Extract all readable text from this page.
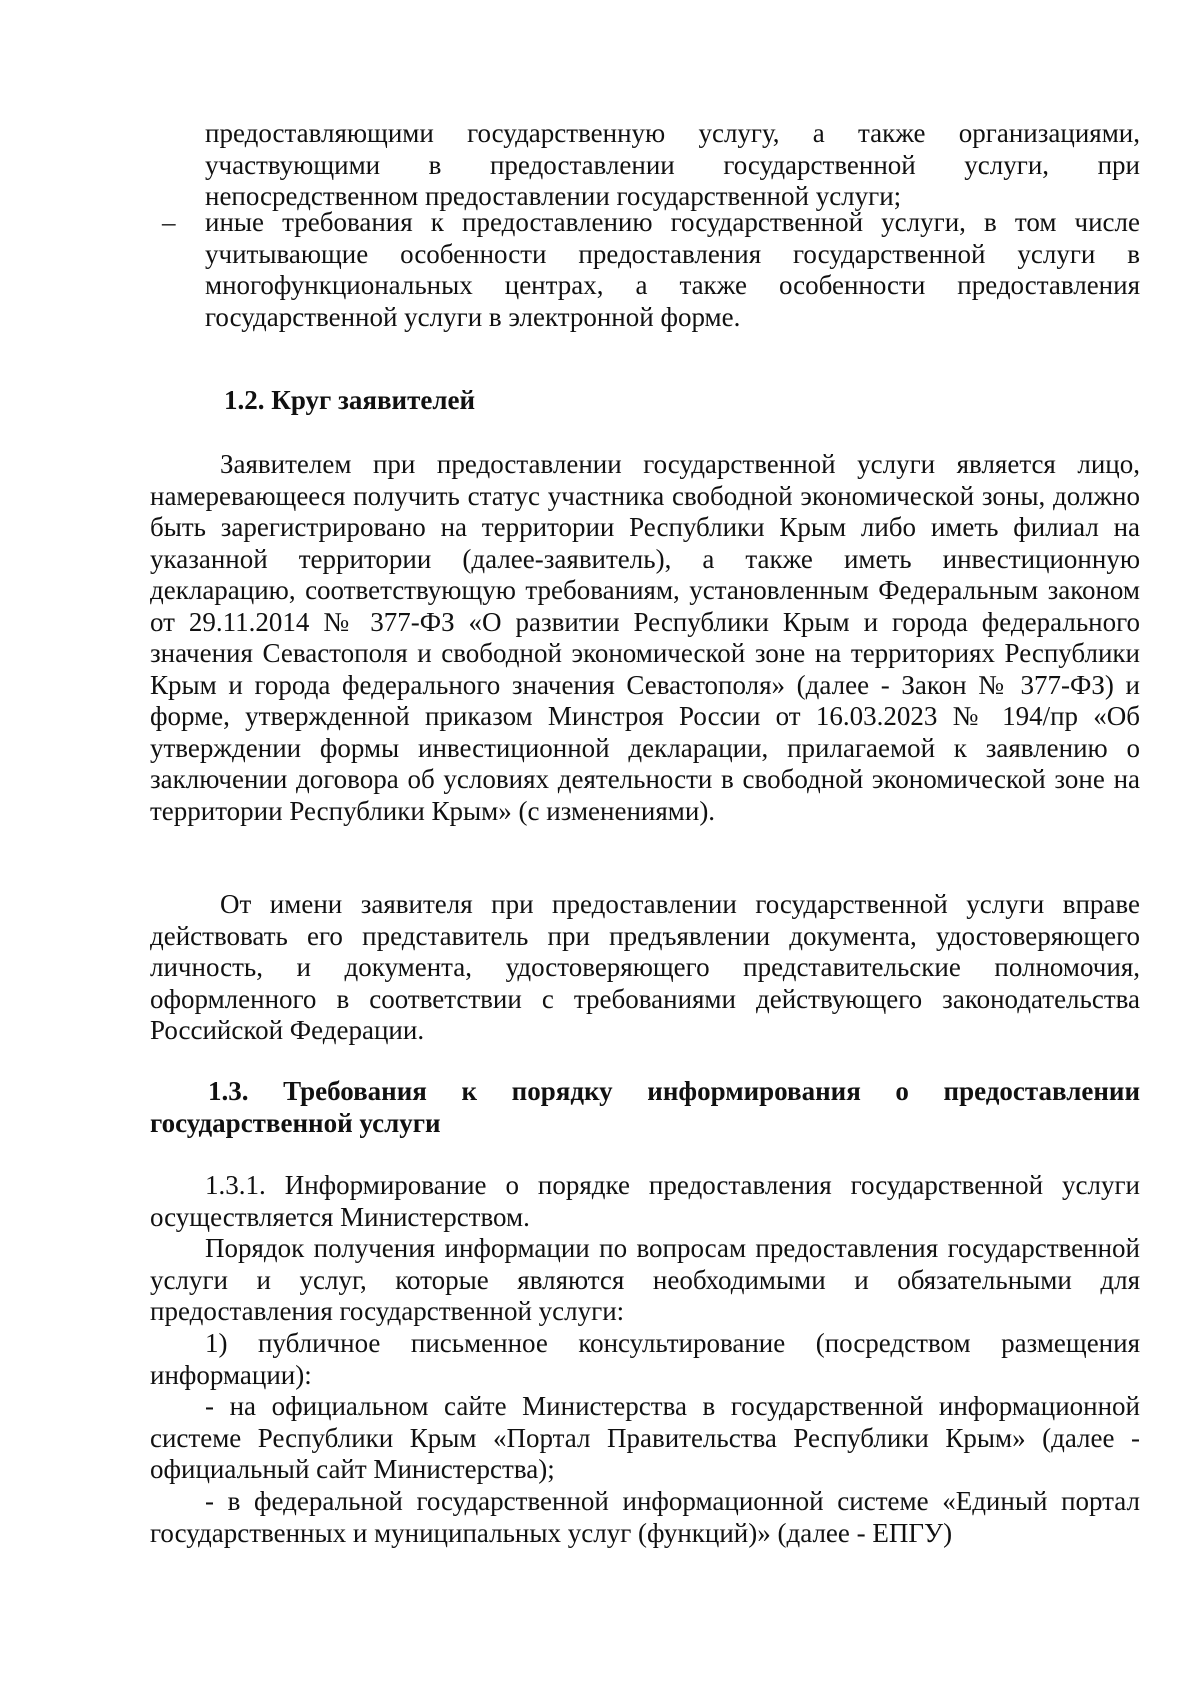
предоставляющими государственную услугу, а также организациями, участвующими в предоставлении государственной услуги, при непосредственном предоставлении государственной услуги;

– иные требования к предоставлению государственной услуги, в том числе учитывающие особенности предоставления государственной услуги в многофункциональных центрах, а также особенности предоставления государственной услуги в электронной форме.

1.2. Круг заявителей

Заявителем при предоставлении государственной услуги является лицо, намеревающееся получить статус участника свободной экономической зоны, должно быть зарегистрировано на территории Республики Крым либо иметь филиал на указанной территории (далее-заявитель), а также иметь инвестиционную декларацию, соответствующую требованиям, установленным Федеральным законом от 29.11.2014 № 377-ФЗ «О развитии Республики Крым и города федерального значения Севастополя и свободной экономической зоне на территориях Республики Крым и города федерального значения Севастополя» (далее - Закон № 377-ФЗ) и форме, утвержденной приказом Минстроя России от 16.03.2023 № 194/пр «Об утверждении формы инвестиционной декларации, прилагаемой к заявлению о заключении договора об условиях деятельности в свободной экономической зоне на территории Республики Крым» (с изменениями).

От имени заявителя при предоставлении государственной услуги вправе действовать его представитель при предъявлении документа, удостоверяющего личность, и документа, удостоверяющего представительские полномочия, оформленного в соответствии с требованиями действующего законодательства Российской Федерации.

1.3. Требования к порядку информирования о предоставлении государственной услуги

1.3.1. Информирование о порядке предоставления государственной услуги осуществляется Министерством.

Порядок получения информации по вопросам предоставления государственной услуги и услуг, которые являются необходимыми и обязательными для предоставления государственной услуги:

1) публичное письменное консультирование (посредством размещения информации):

- на официальном сайте Министерства в государственной информационной системе Республики Крым «Портал Правительства Республики Крым» (далее - официальный сайт Министерства);

- в федеральной государственной информационной системе «Единый портал государственных и муниципальных услуг (функций)» (далее - ЕПГУ)
